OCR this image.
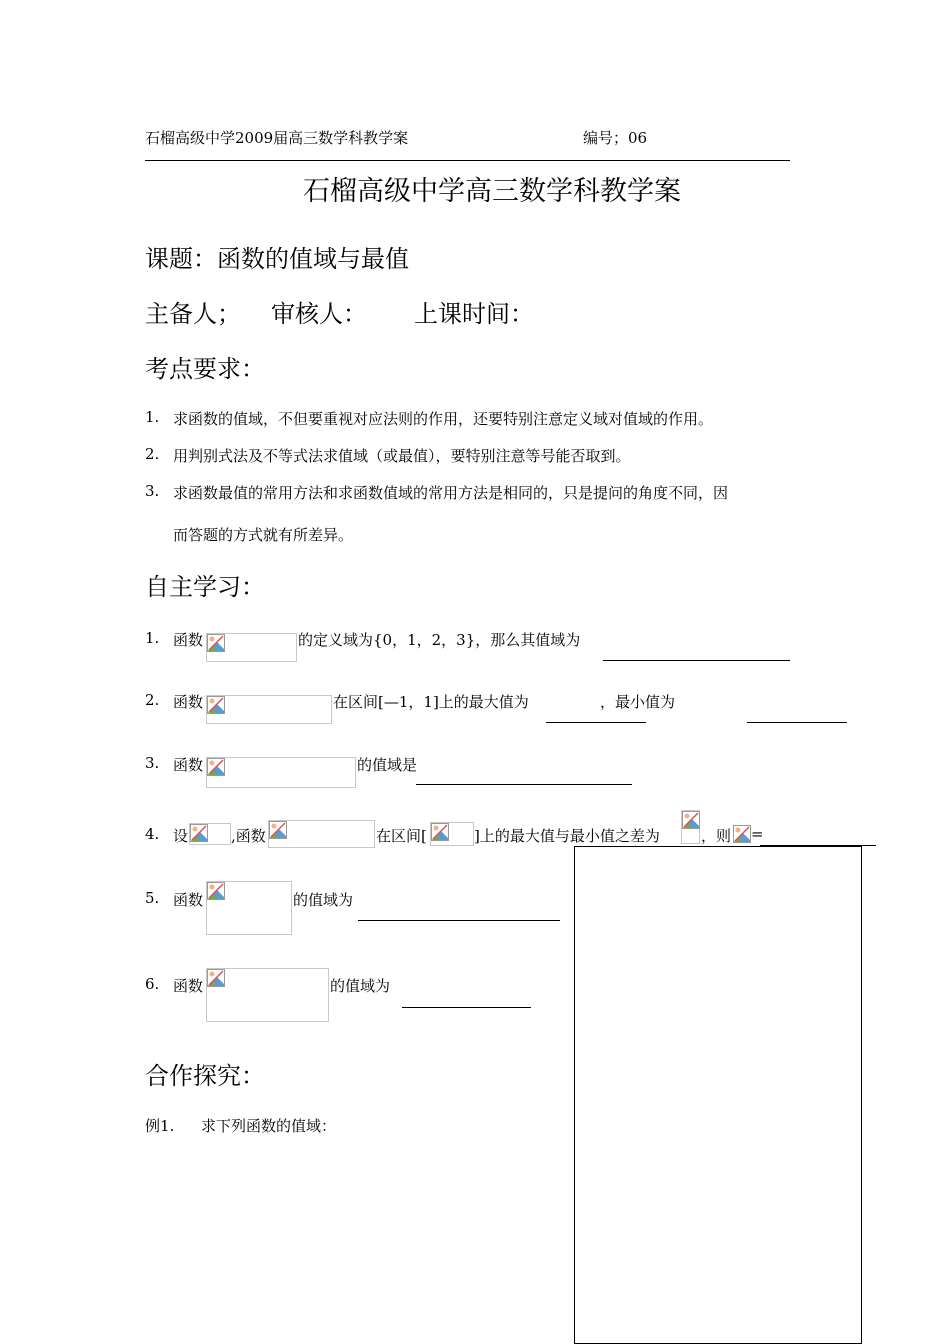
石榴高级中学2009届高三数学科教学案	编号；06
石榴高级中学高三数学科教学案
课题：函数的值域与最值
主备人； 审核人： 上课时间：
考点要求：
1. 求函数的值域，不但要重视对应法则的作用，还要特别注意定义域对值域的作用。
2. 用判别式法及不等式法求值域（或最值），要特别注意等号能否取到。
3. 求函数最值的常用方法和求函数值域的常用方法是相同的，只是提问的角度不同，因
而答题的方式就有所差异。
自主学习：
1. 函数	的定义域为{0，1，2，3}，那么其值域为
2. 函数	在区间[—1，1]上的最大值为	，最小值为
3. 函数	的值域是
4. 设	,函数	在区间[	]上的最大值与最小值之差为	，则 =
5. 函数	的值域为
6. 函数	的值域为
合作探究：
例1. 求下列函数的值域：
